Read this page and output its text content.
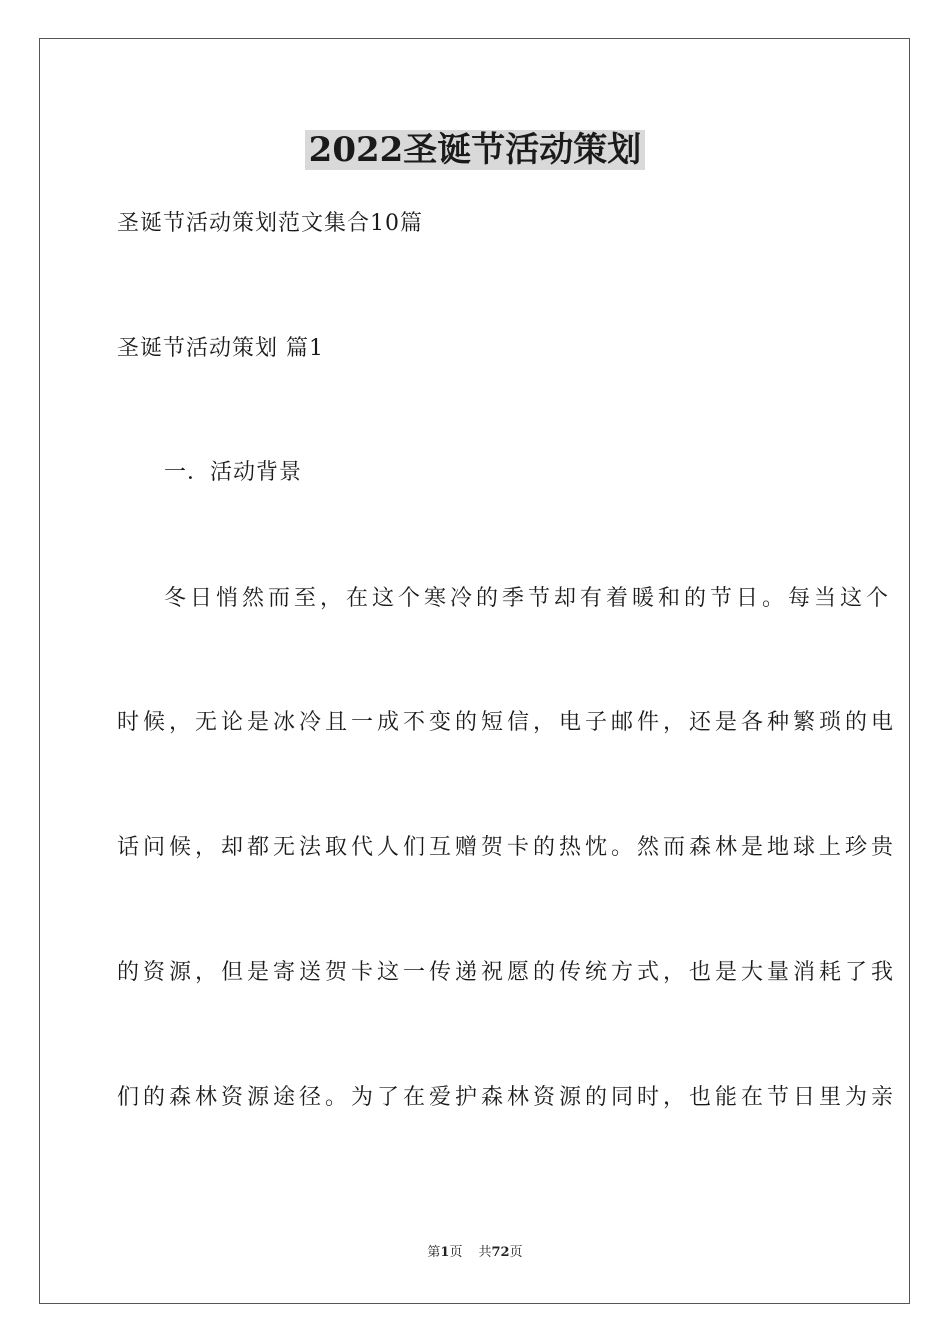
2022圣诞节活动策划
圣诞节活动策划范文集合10篇
圣诞节活动策划 篇1
一．活动背景
冬日悄然而至，在这个寒冷的季节却有着暖和的节日。每当这个
时候，无论是冰冷且一成不变的短信，电子邮件，还是各种繁琐的电
话问候，却都无法取代人们互赠贺卡的热忱。然而森林是地球上珍贵
的资源，但是寄送贺卡这一传递祝愿的传统方式，也是大量消耗了我
们的森林资源途径。为了在爱护森林资源的同时，也能在节日里为亲
第1页 共72页
